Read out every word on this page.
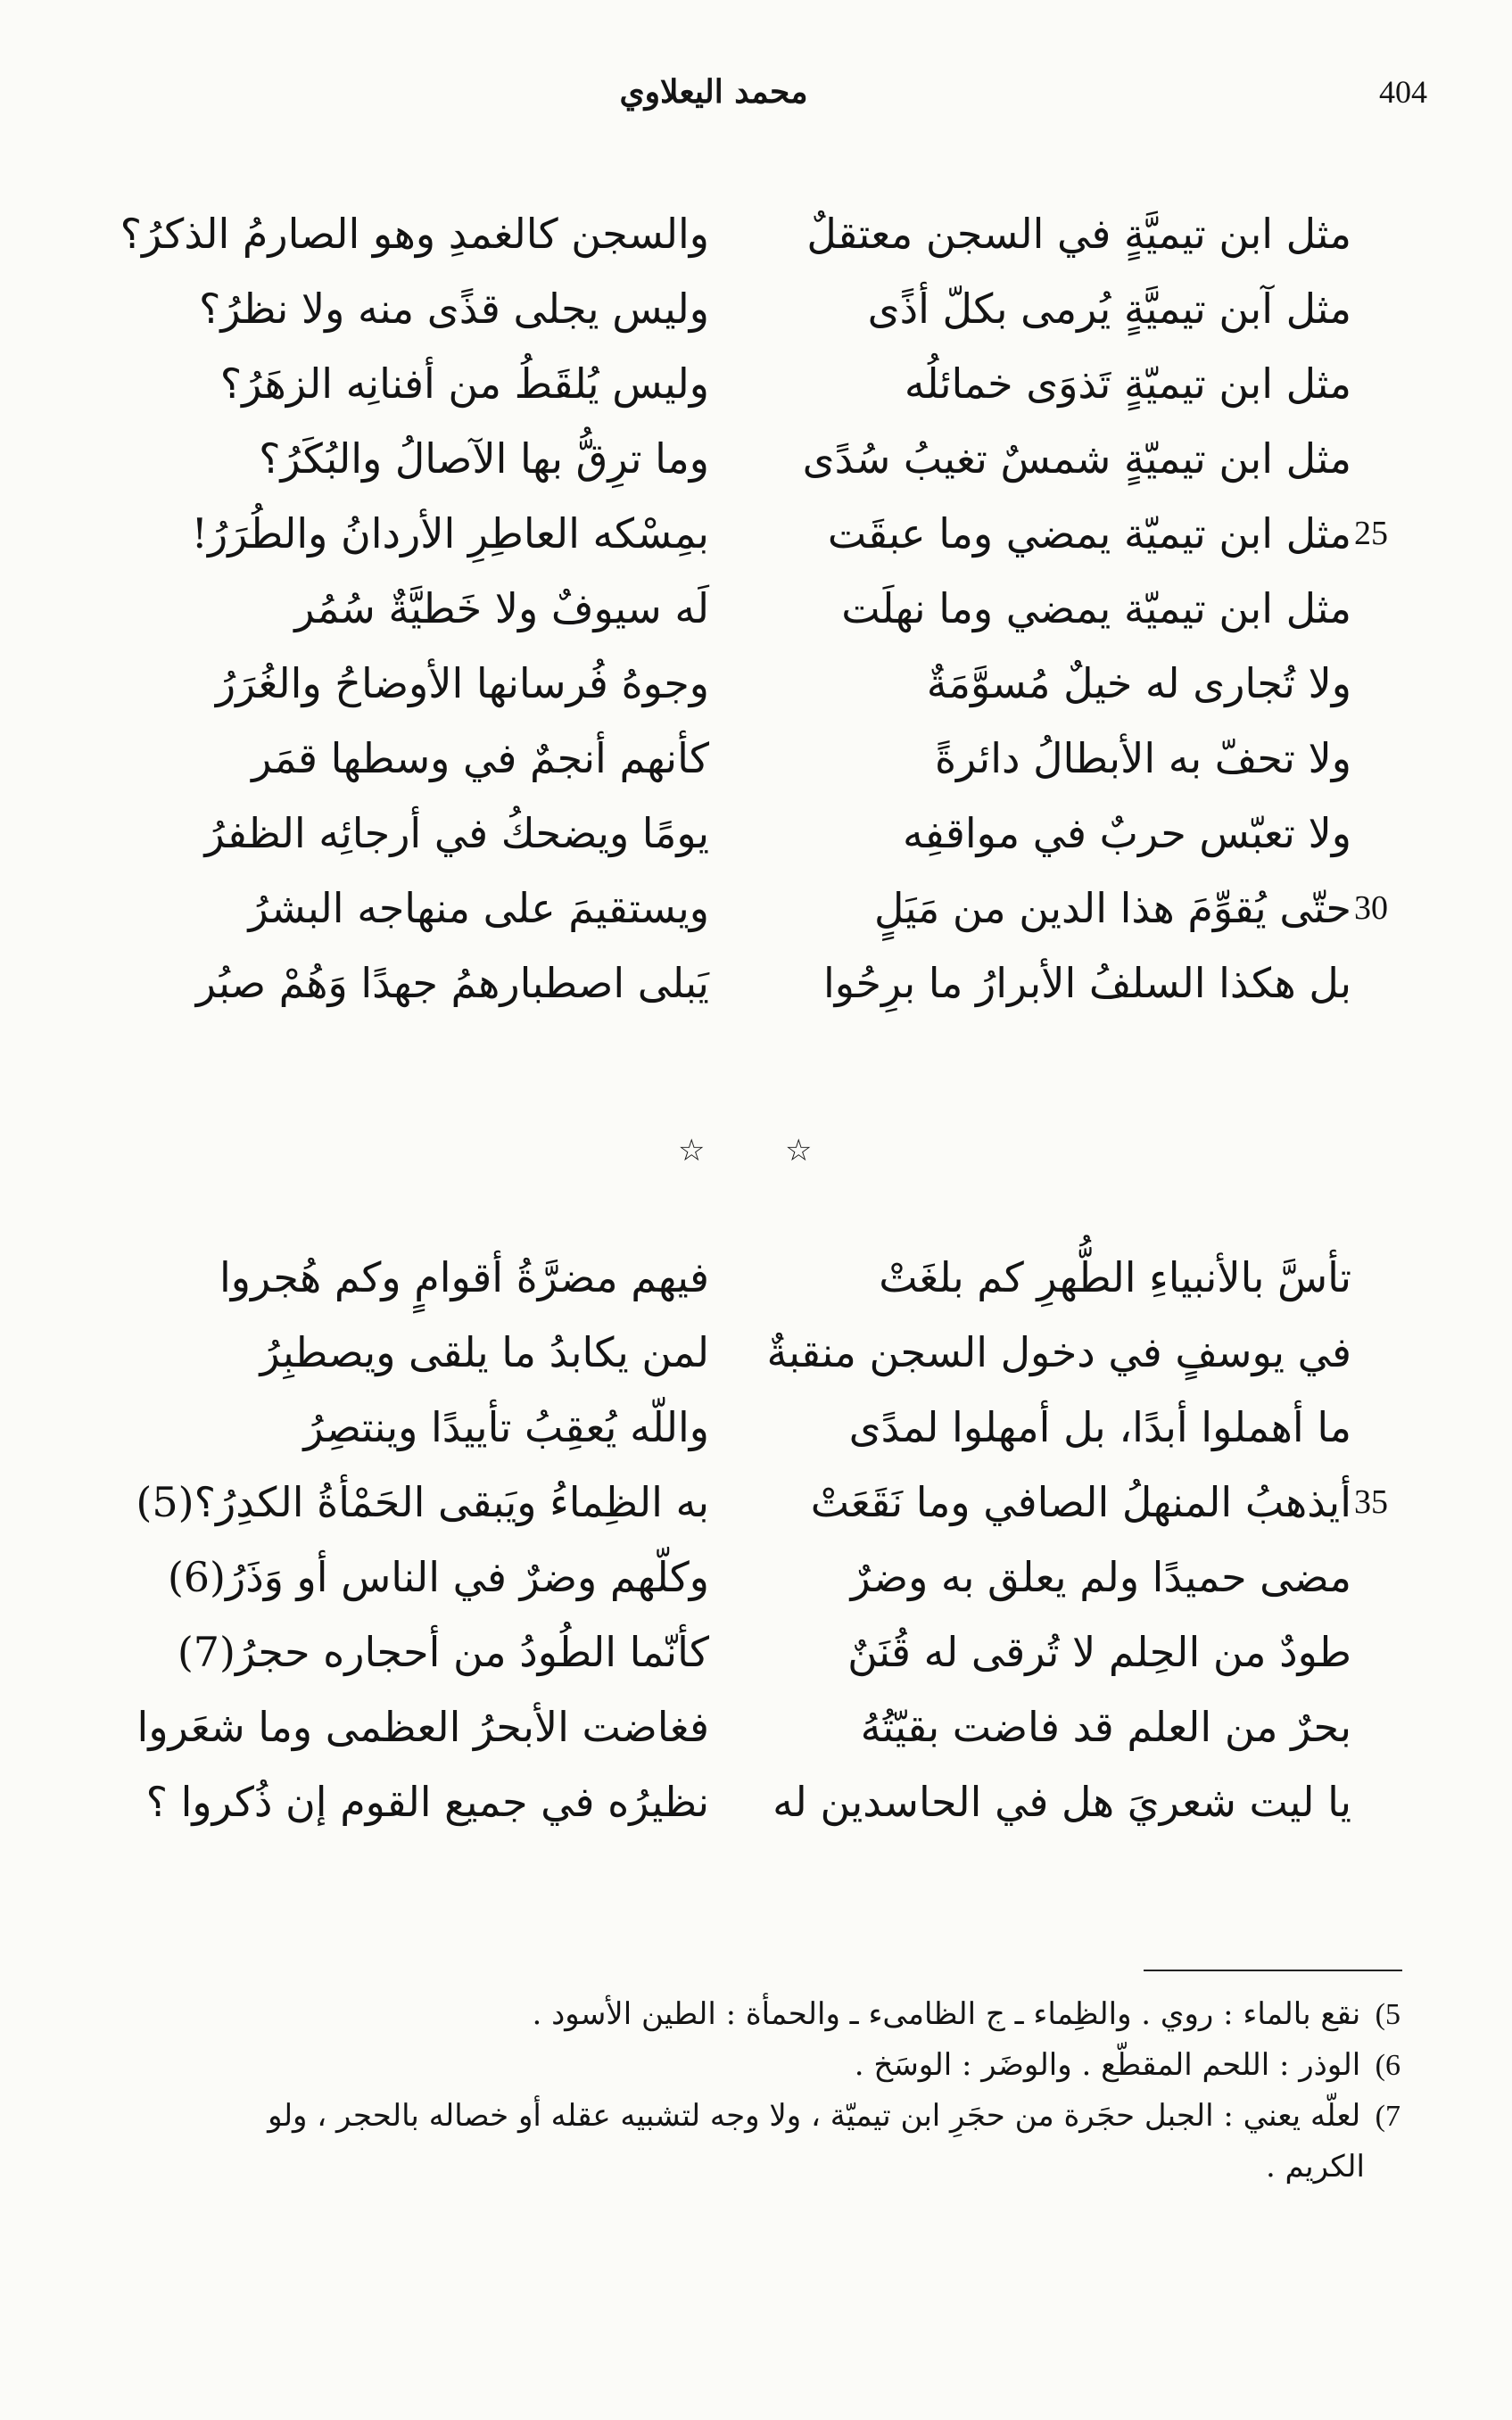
محمد اليعلاوي	404
مثل ابن تيميَّةٍ في السجن معتقلٌ
والسجن كالغمدِ وهو الصارمُ الذكرُ؟
مثل آبن تيميَّةٍ يُرمى بكلّ أذًى
وليس يجلى قذًى منه ولا نظرُ؟
مثل ابن تيميّةٍ تَذوَى خمائلُه
وليس يُلقَطُ من أفنانِه الزهَرُ؟
مثل ابن تيميّةٍ شمسٌ تغيبُ سُدًى
وما ترِقُّ بها الآصالُ والبُكَرُ؟
25
مثل ابن تيميّة يمضي وما عبقَت
بمِسْكه العاطِرِ الأردانُ والطُرَرُ!
مثل ابن تيميّة يمضي وما نهلَت
لَه سيوفٌ ولا خَطيَّةٌ سُمُر
ولا تُجارى له خيلٌ مُسوَّمَةٌ
وجوهُ فُرسانها الأوضاحُ والغُرَرُ
ولا تحفّ به الأبطالُ دائرةً
كأنهم أنجمٌ في وسطها قمَر
ولا تعبّس حربٌ في مواقفِه
يومًا ويضحكُ في أرجائِه الظفرُ
30
حتّى يُقوِّمَ هذا الدين من مَيَلٍ
ويستقيمَ على منهاجه البشرُ
بل هكذا السلفُ الأبرارُ ما برِحُوا
يَبلى اصطبارهمُ جهدًا وَهُمْ صبُر
☆	☆
تأسَّ بالأنبياءِ الطُّهرِ كم بلغَتْ
فيهم مضرَّةُ أقوامٍ وكم هُجروا
في يوسفٍ في دخول السجن منقبةٌ
لمن يكابدُ ما يلقى ويصطبِرُ
ما أهملوا أبدًا، بل أمهلوا لمدًى
واللّه يُعقِبُ تأييدًا وينتصِرُ
35
أيذهبُ المنهلُ الصافي وما نَقَعَتْ
به الظِماءُ ويَبقى الحَمْأةُ الكدِرُ؟(5)
مضى حميدًا ولم يعلق به وضرٌ
وكلّهم وضرٌ في الناس أو وَذَرُ(6)
طودٌ من الحِلم لا تُرقى له قُنَنٌ
كأنّما الطُودُ من أحجاره حجرُ(7)
بحرٌ من العلم قد فاضت بقيّتُهُ
فغاضت الأبحرُ العظمى وما شعَروا
يا ليت شعريَ هل في الحاسدين له
نظيرُه في جميع القوم إن ذُكروا ؟
5) نقع بالماء : روي . والظِماء ـ ج الظامىء ـ والحمأة : الطين الأسود .
6) الوذر : اللحم المقطّع . والوضَر : الوسَخ .
7) لعلّه يعني : الجبل حجَرة من حجَرِ ابن تيميّة ، ولا وجه لتشبيه عقله أو خصاله بالحجر ، ولو
الكريم .
